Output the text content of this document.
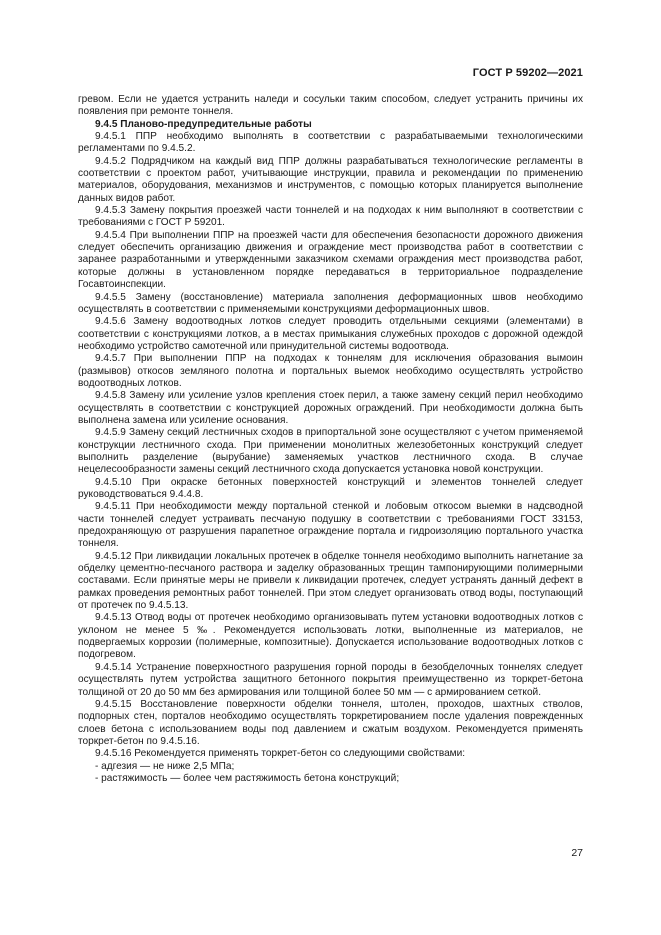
ГОСТ Р 59202—2021

гревом. Если не удается устранить наледи и сосульки таким способом, следует устранить причины их появления при ремонте тоннеля.

9.4.5 Планово-предупредительные работы

9.4.5.1 ППР необходимо выполнять в соответствии с разрабатываемыми технологическими регламентами по 9.4.5.2.

9.4.5.2 Подрядчиком на каждый вид ППР должны разрабатываться технологические регламенты в соответствии с проектом работ, учитывающие инструкции, правила и рекомендации по применению материалов, оборудования, механизмов и инструментов, с помощью которых планируется выполнение данных видов работ.

9.4.5.3 Замену покрытия проезжей части тоннелей и на подходах к ним выполняют в соответствии с требованиями с ГОСТ Р 59201.

9.4.5.4 При выполнении ППР на проезжей части для обеспечения безопасности дорожного движения следует обеспечить организацию движения и ограждение мест производства работ в соответствии с заранее разработанными и утвержденными заказчиком схемами ограждения мест производства работ, которые должны в установленном порядке передаваться в территориальное подразделение Госавтоинспекции.

9.4.5.5 Замену (восстановление) материала заполнения деформационных швов необходимо осуществлять в соответствии с применяемыми конструкциями деформационных швов.

9.4.5.6 Замену водоотводных лотков следует проводить отдельными секциями (элементами) в соответствии с конструкциями лотков, а в местах примыкания служебных проходов с дорожной одеждой необходимо устройство самотечной или принудительной системы водоотвода.

9.4.5.7 При выполнении ППР на подходах к тоннелям для исключения образования вымоин (размывов) откосов земляного полотна и портальных выемок необходимо осуществлять устройство водоотводных лотков.

9.4.5.8 Замену или усиление узлов крепления стоек перил, а также замену секций перил необходимо осуществлять в соответствии с конструкцией дорожных ограждений. При необходимости должна быть выполнена замена или усиление основания.

9.4.5.9 Замену секций лестничных сходов в припортальной зоне осуществляют с учетом применяемой конструкции лестничного схода. При применении монолитных железобетонных конструкций следует выполнить разделение (вырубание) заменяемых участков лестничного схода. В случае нецелесообразности замены секций лестничного схода допускается установка новой конструкции.

9.4.5.10 При окраске бетонных поверхностей конструкций и элементов тоннелей следует руководствоваться 9.4.4.8.

9.4.5.11 При необходимости между портальной стенкой и лобовым откосом выемки в надсводной части тоннелей следует устраивать песчаную подушку в соответствии с требованиями ГОСТ 33153, предохраняющую от разрушения парапетное ограждение портала и гидроизоляцию портального участка тоннеля.

9.4.5.12 При ликвидации локальных протечек в обделке тоннеля необходимо выполнить нагнетание за обделку цементно-песчаного раствора и заделку образованных трещин тампонирующими полимерными составами. Если принятые меры не привели к ликвидации протечек, следует устранять данный дефект в рамках проведения ремонтных работ тоннелей. При этом следует организовать отвод воды, поступающий от протечек по 9.4.5.13.

9.4.5.13 Отвод воды от протечек необходимо организовывать путем установки водоотводных лотков с уклоном не менее 5 ‰. Рекомендуется использовать лотки, выполненные из материалов, не подвергаемых коррозии (полимерные, композитные). Допускается использование водоотводных лотков с подогревом.

9.4.5.14 Устранение поверхностного разрушения горной породы в безобделочных тоннелях следует осуществлять путем устройства защитного бетонного покрытия преимущественно из торкрет-бетона толщиной от 20 до 50 мм без армирования или толщиной более 50 мм — с армированием сеткой.

9.4.5.15 Восстановление поверхности обделки тоннеля, штолен, проходов, шахтных стволов, подпорных стен, порталов необходимо осуществлять торкретированием после удаления поврежденных слоев бетона с использованием воды под давлением и сжатым воздухом. Рекомендуется применять торкрет-бетон по 9.4.5.16.

9.4.5.16 Рекомендуется применять торкрет-бетон со следующими свойствами:

- адгезия — не ниже 2,5 МПа;

- растяжимость — более чем растяжимость бетона конструкций;

27
